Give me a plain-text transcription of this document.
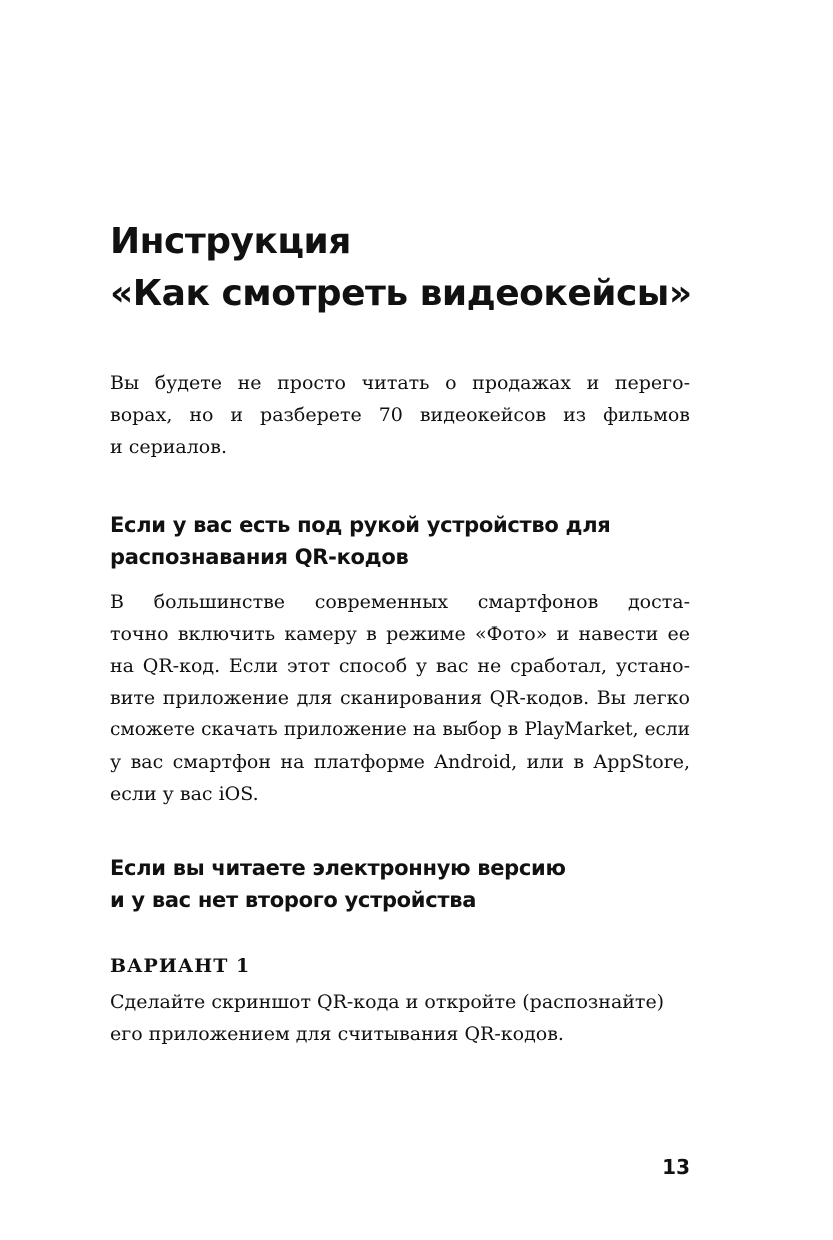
Инструкция
«Как смотреть видеокейсы»

Вы будете не просто читать о продажах и перего-
ворах, но и разберете 70 видеокейсов из фильмов
и сериалов.

Если у вас есть под рукой устройство для
распознавания QR-кодов

В большинстве современных смартфонов доста-
точно включить камеру в режиме «Фото» и навести ее
на QR-код. Если этот способ у вас не сработал, устано-
вите приложение для сканирования QR-кодов. Вы легко
сможете скачать приложение на выбор в PlayMarket, если
у вас смартфон на платформе Android, или в AppStore,
если у вас iOS.

Если вы читаете электронную версию
и у вас нет второго устройства

ВАРИАНТ 1

Сделайте скриншот QR-кода и откройте (распознайте)
его приложением для считывания QR-кодов.

13
